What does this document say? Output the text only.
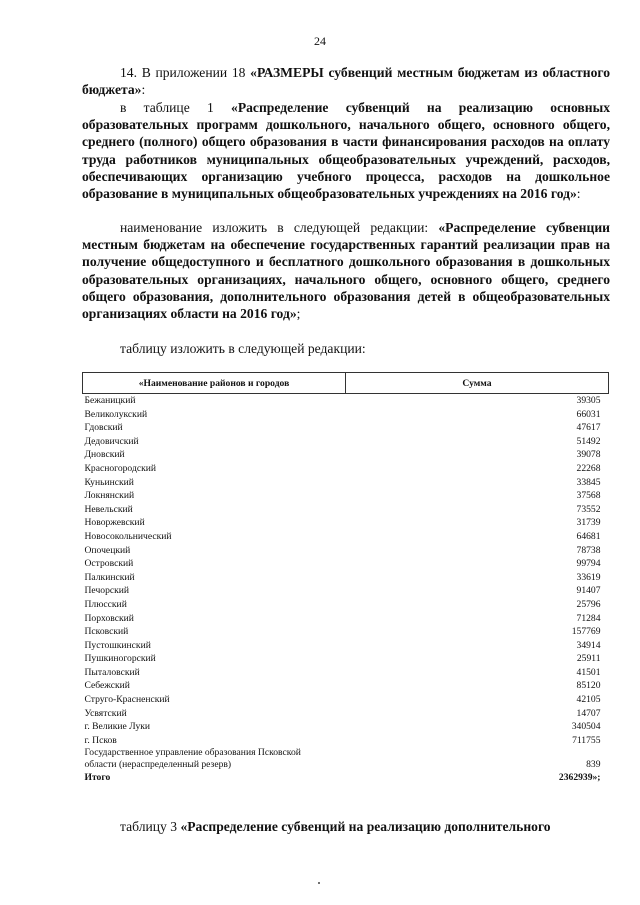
24

14. В приложении 18 «РАЗМЕРЫ субвенций местным бюджетам из областного бюджета»:

в таблице 1 «Распределение субвенций на реализацию основных образовательных программ дошкольного, начального общего, основного общего, среднего (полного) общего образования в части финансирования расходов на оплату труда работников муниципальных общеобразовательных учреждений, расходов, обеспечивающих организацию учебного процесса, расходов на дошкольное образование в муниципальных общеобразовательных учреждениях на 2016 год»:

наименование изложить в следующей редакции: «Распределение субвенции местным бюджетам на обеспечение государственных гарантий реализации прав на получение общедоступного и бесплатного дошкольного образования в дошкольных образовательных организациях, начального общего, основного общего, среднего общего образования, дополнительного образования детей в общеобразовательных организациях области на 2016 год»;

таблицу изложить в следующей редакции:

«Наименование районов и городов	Сумма
Бежаницкий	39305
Великолукский	66031
Гдовский	47617
Дедовичский	51492
Дновский	39078
Красногородский	22268
Куньинский	33845
Локнянский	37568
Невельский	73552
Новоржевский	31739
Новосокольнический	64681
Опочецкий	78738
Островский	99794
Палкинский	33619
Печорский	91407
Плюсский	25796
Порховский	71284
Псковский	157769
Пустошкинский	34914
Пушкиногорский	25911
Пыталовский	41501
Себежский	85120
Струго-Красненский	42105
Усвятский	14707
г. Великие Луки	340504
г. Псков	711755
Государственное управление образования Псковской
области (нераспределенный резерв)	839
Итого	2362939»;

таблицу 3 «Распределение субвенций на реализацию дополнительного
